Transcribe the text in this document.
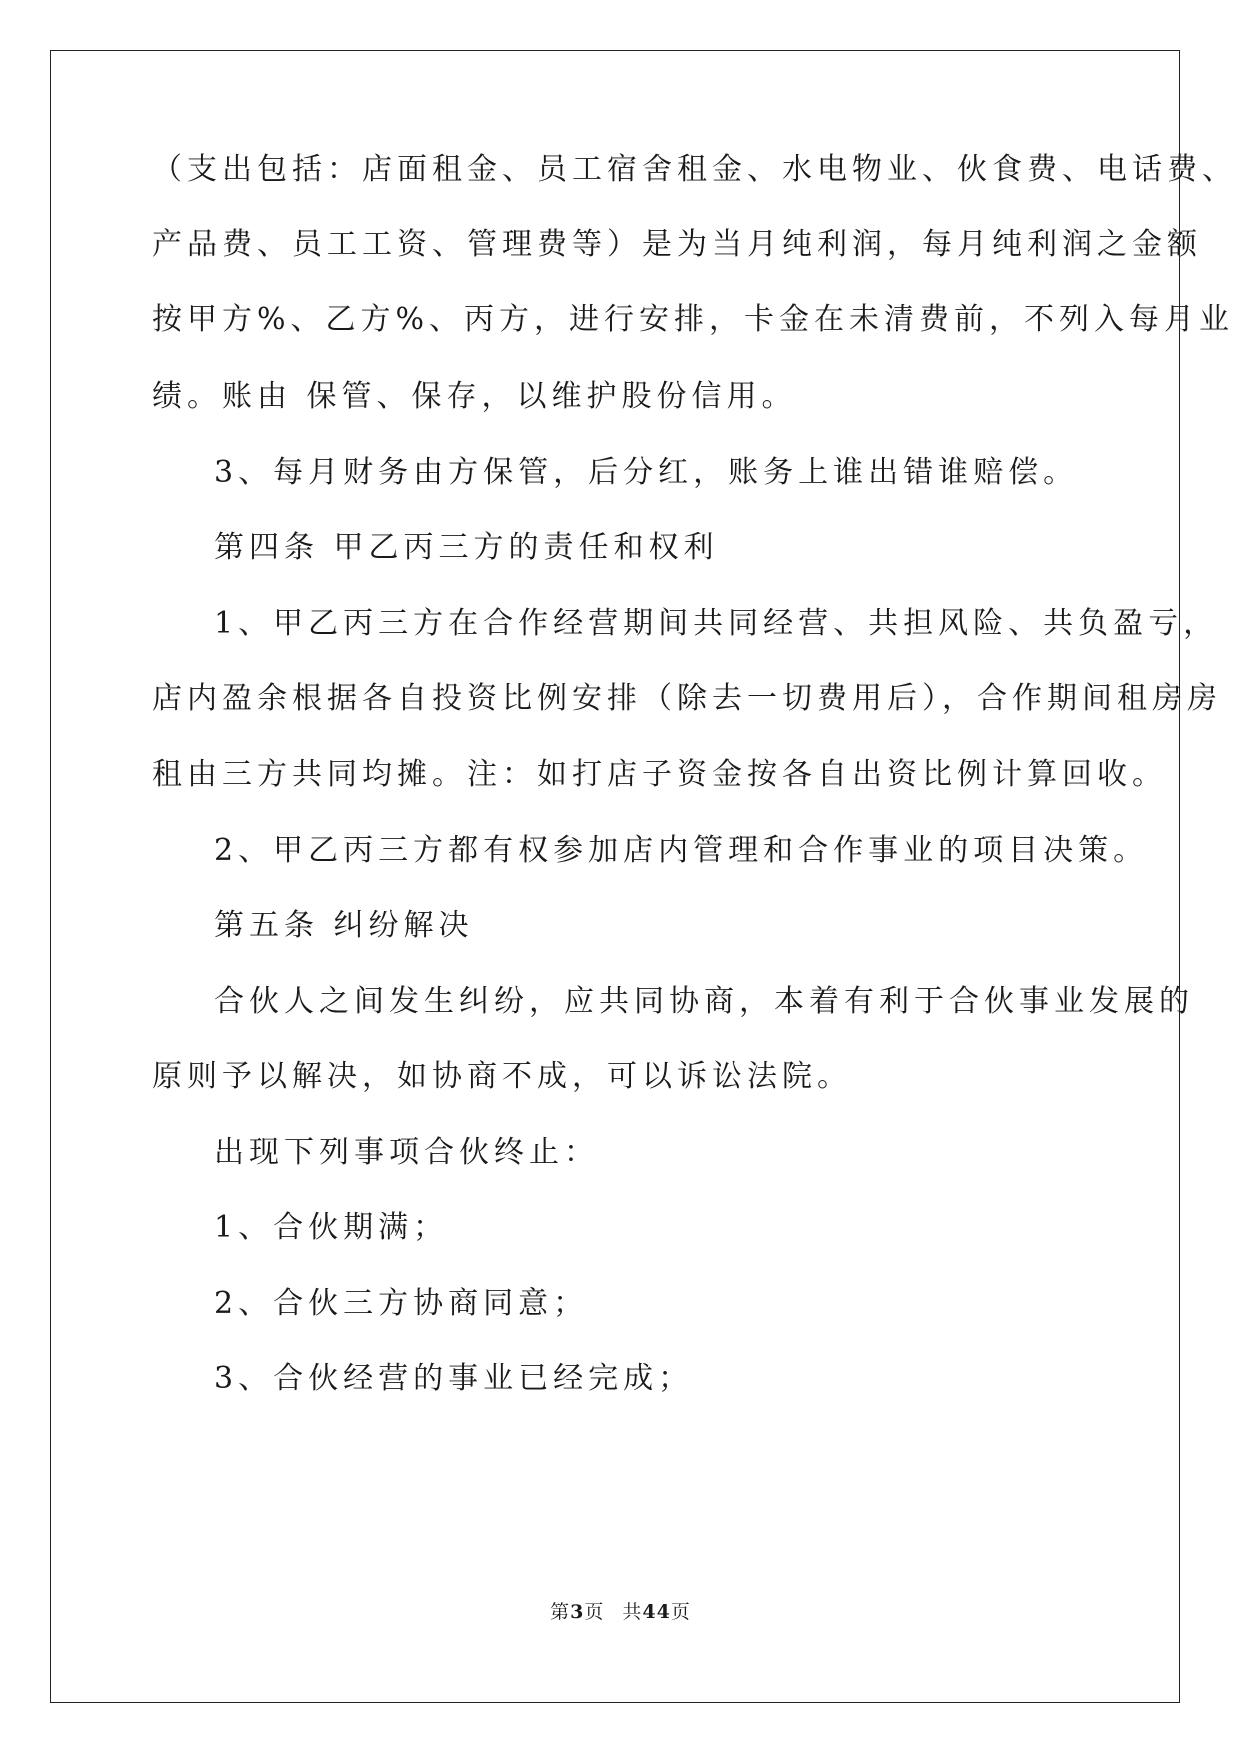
（支出包括：店面租金、员工宿舍租金、水电物业、伙食费、电话费、
产品费、员工工资、管理费等）是为当月纯利润，每月纯利润之金额
按甲方%、乙方%、丙方，进行安排，卡金在未清费前，不列入每月业
绩。账由 保管、保存，以维护股份信用。
3、每月财务由方保管，后分红，账务上谁出错谁赔偿。
第四条 甲乙丙三方的责任和权利
1、甲乙丙三方在合作经营期间共同经营、共担风险、共负盈亏，
店内盈余根据各自投资比例安排（除去一切费用后），合作期间租房房
租由三方共同均摊。注：如打店子资金按各自出资比例计算回收。
2、甲乙丙三方都有权参加店内管理和合作事业的项目决策。
第五条 纠纷解决
合伙人之间发生纠纷，应共同协商，本着有利于合伙事业发展的
原则予以解决，如协商不成，可以诉讼法院。
出现下列事项合伙终止：
1、合伙期满；
2、合伙三方协商同意；
3、合伙经营的事业已经完成；
第3页 共44页
